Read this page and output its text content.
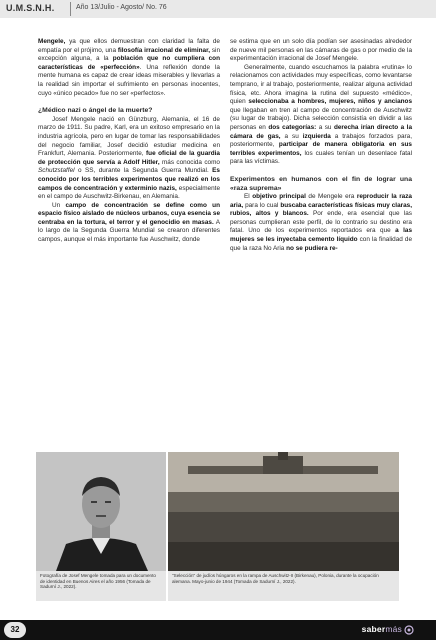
U.M.S.N.H.	Año 13/Julio - Agosto/ No. 76

Mengele, ya que ellos demuestran con claridad la falta de empatía por el prójimo, una filosofía irracional de eliminar, sin excepción alguna, a la población que no cumpliera con características de «perfección». Una reflexión donde la mente humana es capaz de crear ideas miserables y llevarlas a la realidad sin importar el sufrimiento en personas inocentes, cuyo «único pecado» fue no ser «perfectos».

¿Médico nazi o ángel de la muerte?

Josef Mengele nació en Günzburg, Alemania, el 16 de marzo de 1911. Su padre, Karl, era un exitoso empresario en la industria agrícola, pero en lugar de tomar las responsabilidades del negocio familiar, Josef decidió estudiar medicina en Frankfurt, Alemania. Posteriormente, fue oficial de la guardia de protección que servía a Adolf Hitler, más conocida como Schutzstaffel o SS, durante la Segunda Guerra Mundial. Es conocido por los terribles experimentos que realizó en los campos de concentración y exterminio nazis, especialmente en el campo de Auschwitz-Birkenau, en Alemania.

Un campo de concentración se define como un espacio físico aislado de núcleos urbanos, cuya esencia se centraba en la tortura, el terror y el genocidio en masas. A lo largo de la Segunda Guerra Mundial se crearon diferentes campos, aunque el más importante fue Auschwitz, donde

se estima que en un solo día podían ser asesinadas alrededor de nueve mil personas en las cámaras de gas o por medio de la experimentación irracional de Josef Mengele.

Generalmente, cuando escuchamos la palabra «rutina» lo relacionamos con actividades muy específicas, como levantarse temprano, ir al trabajo, posteriormente, realizar alguna actividad física, etc. Ahora imagina la rutina del supuesto «médico», quien seleccionaba a hombres, mujeres, niños y ancianos que llegaban en tren al campo de concentración de Auschwitz (su lugar de trabajo). Dicha selección consistía en dividir a las personas en dos categorías: a su derecha irían directo a la cámara de gas, a su izquierda a trabajos forzados para, posteriormente, participar de manera obligatoria en sus terribles experimentos, los cuales tenían un desenlace fatal para las víctimas.

Experimentos en humanos con el fin de lograr una «raza suprema»

El objetivo principal de Mengele era reproducir la raza aria, para lo cual buscaba características físicas muy claras, rubios, altos y blancos. Por ende, era esencial que las personas cumplieran este perfil, de lo contrario su destino era fatal. Uno de los experimentos reportados era que a las mujeres se les inyectaba cemento líquido con la finalidad de que la raza No Aria no se pudiera re-

Fotografía de Josef Mengele tomada para un documento de identidad en Buenos Aires el año 1956 (Tomada de Sadurní J., 2022).
"Selección" de judíos húngaros en la rampa de Auschwitz-II (Birkenau), Polonia, durante la ocupación alemana. Mayo-junio de 1944 (Tomada de Sadurní J., 2022).
32	sabermás
